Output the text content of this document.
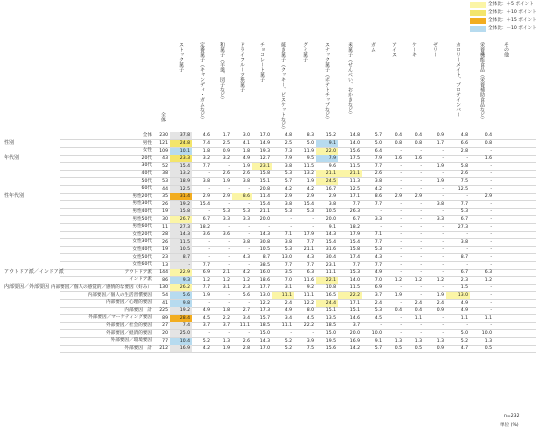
全体比：＋5 ポイント
全体比：＋10 ポイント
全体比：＋15 ポイント
全体比：－10 ポイント
全体
ストック菓子	定番菓子（キャンディ・ガムなど）	和菓子（羊羹、団子など）	ドライフルーツ系菓子	チョコレート菓子	焼き菓子（クッキー、ビスケットなど）	グミ菓子	スナック菓子（ポテトチップなど）	米菓子（せんべい、おかきなど）	ガム	アイス	ケーキ	ゼリー	カロリーメイト、プロテインバー	栄養機能食品（栄養補助食品など）	その他
全体	230	37.8	4.6	1.7	3.0	17.0	4.8	8.3	15.2	14.8	5.7	0.4	0.4	0.9	4.8	0.4
性別	男性	121	24.8	7.4	2.5	4.1	14.9	2.5	5.0	9.1	14.0	5.0	0.8	0.8	1.7	6.6	0.8
女性	109	10.1	1.8	0.9	1.8	19.3	7.3	11.9	22.0	15.6	6.4	-	-	-	2.8	-
年代別	20代	43	23.3	3.2	3.2	4.9	12.7	7.9	9.5	7.9	17.5	7.9	1.6	1.6	-	-	1.6
30代	52	15.4	7.7	-	1.9	23.1	3.8	11.5	9.6	11.5	7.7	-	-	1.9	5.8	-
40代	38	13.2	-	2.6	2.6	15.8	5.3	13.2	21.1	21.1	2.6	-	-	-	2.6	-
50代	53	18.9	3.8	1.9	3.8	15.1	5.7	1.9	24.5	11.3	3.8	-	-	1.9	7.5	-
60代	44	12.5	-	-	-	20.8	4.2	4.2	16.7	12.5	4.2	-	-	-	12.5	-
性年代別	男性20代	35	31.4	2.9	2.9	8.6	11.4	2.9	2.9	2.9	17.1	8.6	2.9	2.9	-	-	2.9
男性30代	26	19.2	15.4	-	-	15.4	3.8	15.4	3.8	7.7	7.7	-	-	3.8	7.7	-
男性40代	19	15.8	-	5.3	5.3	21.1	5.3	5.3	10.5	26.3	-	-	-	-	5.3	-
男性50代	30	26.7	6.7	3.3	3.3	20.0	-	-	20.0	6.7	3.3	-	-	3.3	6.7	-
男性60代	11	27.3	18.2	-	-	-	-	-	9.1	18.2	-	-	-	-	27.3	-
女性20代	28	14.3	3.6	3.6	-	14.3	7.1	17.9	14.3	17.9	7.1	-	-	-	-	-
女性30代	26	11.5	-	-	3.8	30.8	3.8	7.7	15.4	15.4	7.7	-	-	-	3.8	-
女性40代	19	10.5	-	-	-	10.5	5.3	21.1	31.6	15.8	5.3	-	-	-	-	-
女性50代	23	8.7	-	-	4.3	8.7	13.0	4.3	30.4	17.4	4.3	-	-	-	8.7	-
女性60代	13	-	7.7	-	-	38.5	7.7	7.7	23.1	7.7	7.7	-	-	-	-	-
アウトドア派／インドア派	アウトドア派	144	22.9	6.9	2.1	4.2	16.0	3.5	6.3	11.1	15.3	4.9	-	-	-	6.7	6.3
インドア派	86	9.3	1.2	1.2	1.2	18.6	7.0	11.6	22.1	14.0	7.0	1.2	1.2	1.2	2.3	1.2
内部要因／外部要因 内部要因／個人の感覚的／感情的な要因（好み）	130	26.2	7.7	3.1	2.3	17.7	3.1	9.2	10.8	11.5	6.9	-	-	-	1.5	-
内部要因／個人の生活習慣要因	54	5.6	1.9	-	5.6	13.0	11.1	11.1	16.5	22.2	3.7	1.9	-	1.9	13.0	-
内部要因／心理的要因	41	9.8	-	-	-	12.2	2.4	12.2	24.4	17.1	2.4	-	2.4	2.4	4.9	-
内部要因　計	225	19.2	4.9	1.8	2.7	17.3	4.9	8.0	15.1	15.1	5.3	0.4	0.4	0.9	4.9	-
外部要因／マーケティング要因	89	28.4	4.5	2.2	3.4	15.7	3.4	4.5	13.5	14.6	4.5	-	1.1	-	1.1	1.1
外部要因／社会的要因	27	7.4	3.7	3.7	11.1	18.5	11.1	22.2	18.5	3.7	-	-	-	-	-	-
外部要因／経済的要因	20	25.0	-	-	-	15.0	-	-	15.0	20.0	10.0	-	-	-	5.0	10.0
外部要因／環境要因	77	10.4	5.2	1.3	2.6	14.3	5.2	3.9	19.5	16.9	9.1	1.3	1.3	1.3	5.2	1.3
外部要因　計	212	16.9	4.2	1.9	2.8	17.0	5.2	7.5	15.6	14.2	5.7	0.5	0.5	0.9	4.7	0.5
n=232
単位 (%)
